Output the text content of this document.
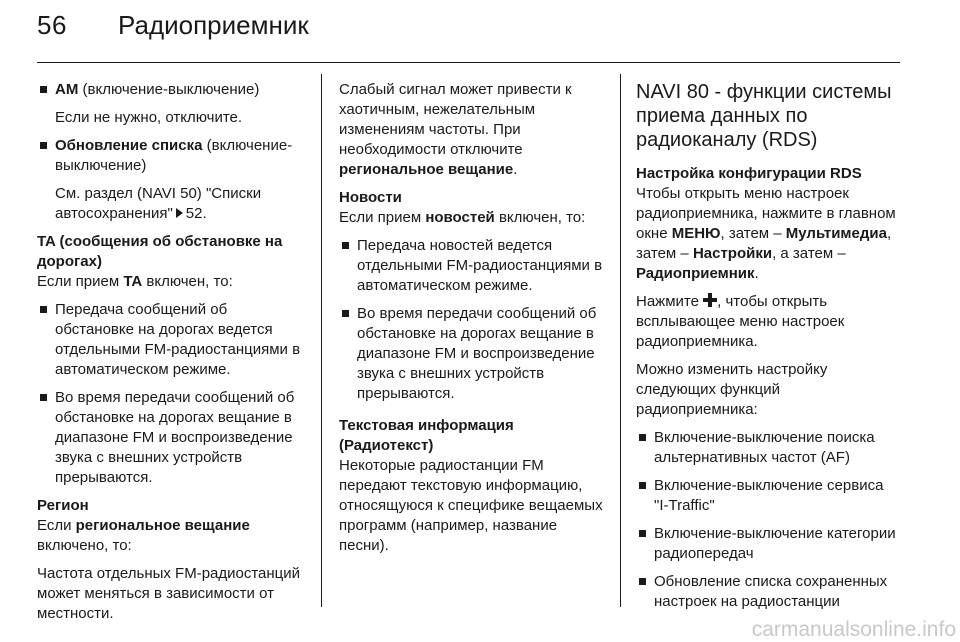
56 Радиоприемник
AM (включение-выключение)

Если не нужно, отключите.

Обновление списка (включение-выключение)

См. раздел (NAVI 50) "Списки автосохранения" 52.

TA (сообщения об обстановке на дорогах)

Если прием TA включен, то:

Передача сообщений об обстановке на дорогах ведется отдельными FM-радиостанциями в автоматическом режиме.
Во время передачи сообщений об обстановке на дорогах вещание в диапазоне FM и воспроизведение звука с внешних устройств прерываются.

Регион

Если региональное вещание включено, то:

Частота отдельных FM-радиостанций может меняться в зависимости от местности.

Слабый сигнал может привести к хаотичным, нежелательным изменениям частоты. При необходимости отключите региональное вещание.

Новости

Если прием новостей включен, то:

Передача новостей ведется отдельными FM-радиостанциями в автоматическом режиме.
Во время передачи сообщений об обстановке на дорогах вещание в диапазоне FM и воспроизведение звука с внешних устройств прерываются.

Текстовая информация (Радиотекст)

Некоторые радиостанции FM передают текстовую информацию, относящуюся к специфике вещаемых программ (например, название песни).

NAVI 80 - функции системы приема данных по радиоканалу (RDS)

Настройка конфигурации RDS

Чтобы открыть меню настроек радиоприемника, нажмите в главном окне МЕНЮ, затем – Мультимедиа, затем – Настройки, а затем – Радиоприемник.

Нажмите , чтобы открыть всплывающее меню настроек радиоприемника.

Можно изменить настройку следующих функций радиоприемника:

Включение-выключение поиска альтернативных частот (AF)
Включение-выключение сервиса "I-Traffic"
Включение-выключение категории радиопередач
Обновление списка сохраненных настроек на радиостанции
carmanualsonline.info
